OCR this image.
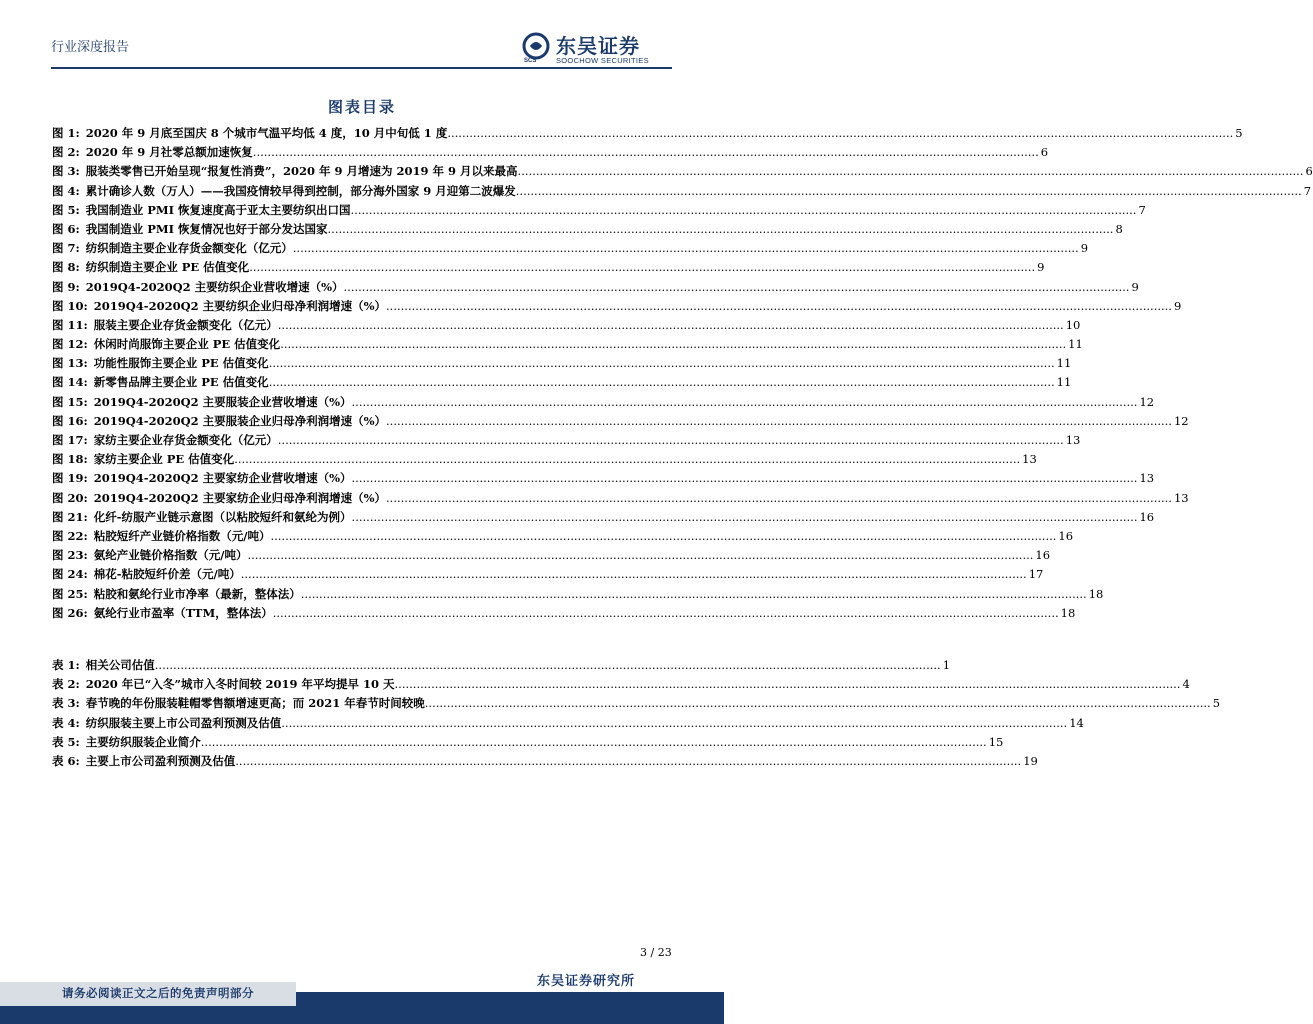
行业深度报告
SCS
东吴证券
SOOCHOW SECURITIES
-
图表目录
图 1: 2020 年 9 月底至国庆 8 个城市气温平均低 4 度，10 月中旬低 1 度 .....	5
图 2: 2020 年 9 月社零总额加速恢复 .....	6
图 3: 服装类零售已开始呈现“报复性消费”，2020 年 9 月增速为 2019 年 9 月以来最高 .....	6
图 4: 累计确诊人数（万人）——我国疫情较早得到控制，部分海外国家 9 月迎第二波爆发 .....	7
图 5: 我国制造业 PMI 恢复速度高于亚太主要纺织出口国 .....	7
图 6: 我国制造业 PMI 恢复情况也好于部分发达国家 .....	8
图 7: 纺织制造主要企业存货金额变化（亿元） .....	9
图 8: 纺织制造主要企业 PE 估值变化 .....	9
图 9: 2019Q4-2020Q2 主要纺织企业营收增速（%） .....	9
图 10: 2019Q4-2020Q2 主要纺织企业归母净利润增速（%） .....	9
图 11: 服装主要企业存货金额变化（亿元） .....	10
图 12: 休闲时尚服饰主要企业 PE 估值变化 .....	11
图 13: 功能性服饰主要企业 PE 估值变化 .....	11
图 14: 新零售品牌主要企业 PE 估值变化 .....	11
图 15: 2019Q4-2020Q2 主要服装企业营收增速（%） .....	12
图 16: 2019Q4-2020Q2 主要服装企业归母净利润增速（%） .....	12
图 17: 家纺主要企业存货金额变化（亿元） .....	13
图 18: 家纺主要企业 PE 估值变化 .....	13
图 19: 2019Q4-2020Q2 主要家纺企业营收增速（%） .....	13
图 20: 2019Q4-2020Q2 主要家纺企业归母净利润增速（%） .....	13
图 21: 化纤-纺服产业链示意图（以粘胶短纤和氨纶为例） .....	16
图 22: 粘胶短纤产业链价格指数（元/吨） .....	16
图 23: 氨纶产业链价格指数（元/吨） .....	16
图 24: 棉花-粘胶短纤价差（元/吨） .....	17
图 25: 粘胶和氨纶行业市净率（最新，整体法） .....	18
图 26: 氨纶行业市盈率（TTM，整体法） .....	18
表 1: 相关公司估值 .....	1
表 2: 2020 年已“入冬”城市入冬时间较 2019 年平均提早 10 天 .....	4
表 3: 春节晚的年份服装鞋帽零售额增速更高；而 2021 年春节时间较晚 .....	5
表 4: 纺织服装主要上市公司盈利预测及估值 .....	14
表 5: 主要纺织服装企业简介 .....	15
表 6: 主要上市公司盈利预测及估值 .....	19
3 / 23
东吴证券研究所
请务必阅读正文之后的免责声明部分
